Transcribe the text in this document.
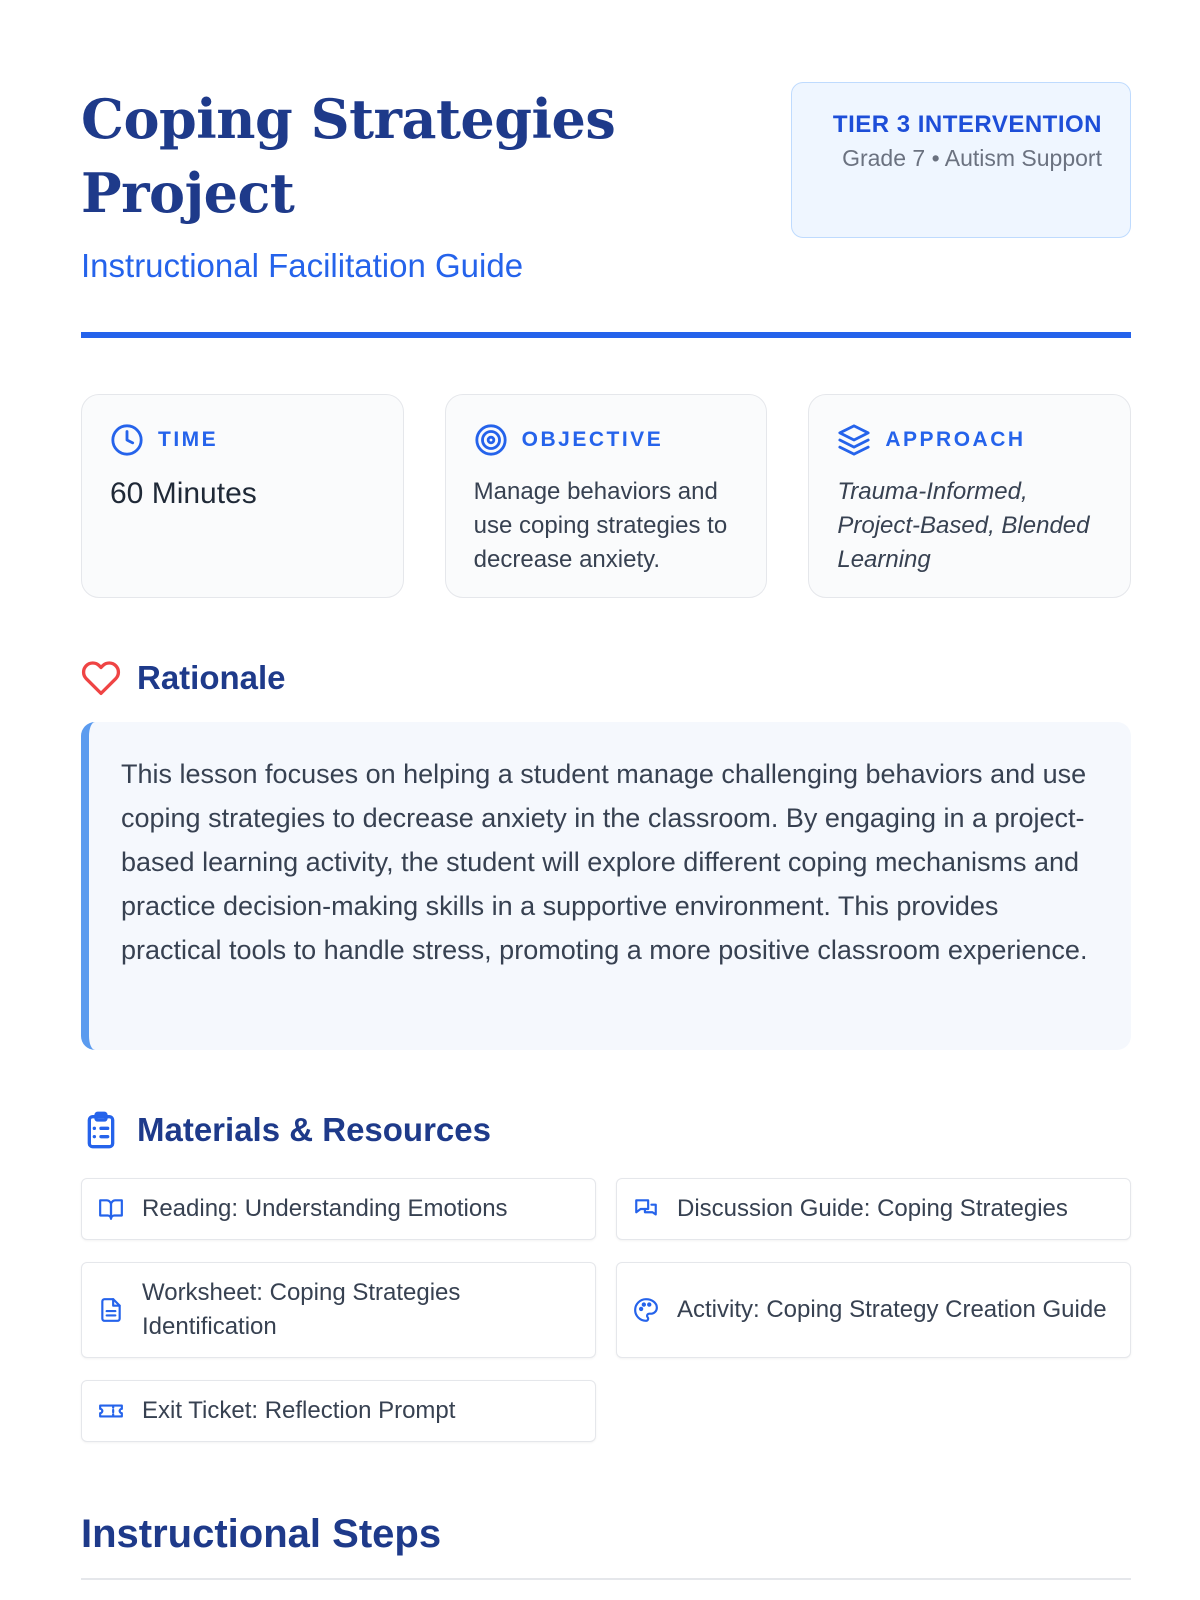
Coping Strategies Project
Instructional Facilitation Guide
TIER 3 INTERVENTION
Grade 7 • Autism Support
TIME
60 Minutes
OBJECTIVE
Manage behaviors and use coping strategies to decrease anxiety.
APPROACH
Trauma-Informed, Project-Based, Blended Learning
Rationale

This lesson focuses on helping a student manage challenging behaviors and use coping strategies to decrease anxiety in the classroom. By engaging in a project-based learning activity, the student will explore different coping mechanisms and practice decision-making skills in a supportive environment. This provides practical tools to handle stress, promoting a more positive classroom experience.

Materials & Resources
Reading: Understanding Emotions	Discussion Guide: Coping Strategies
Worksheet: Coping Strategies Identification
Activity: Coping Strategy Creation Guide
Exit Ticket: Reflection Prompt
Instructional Steps
